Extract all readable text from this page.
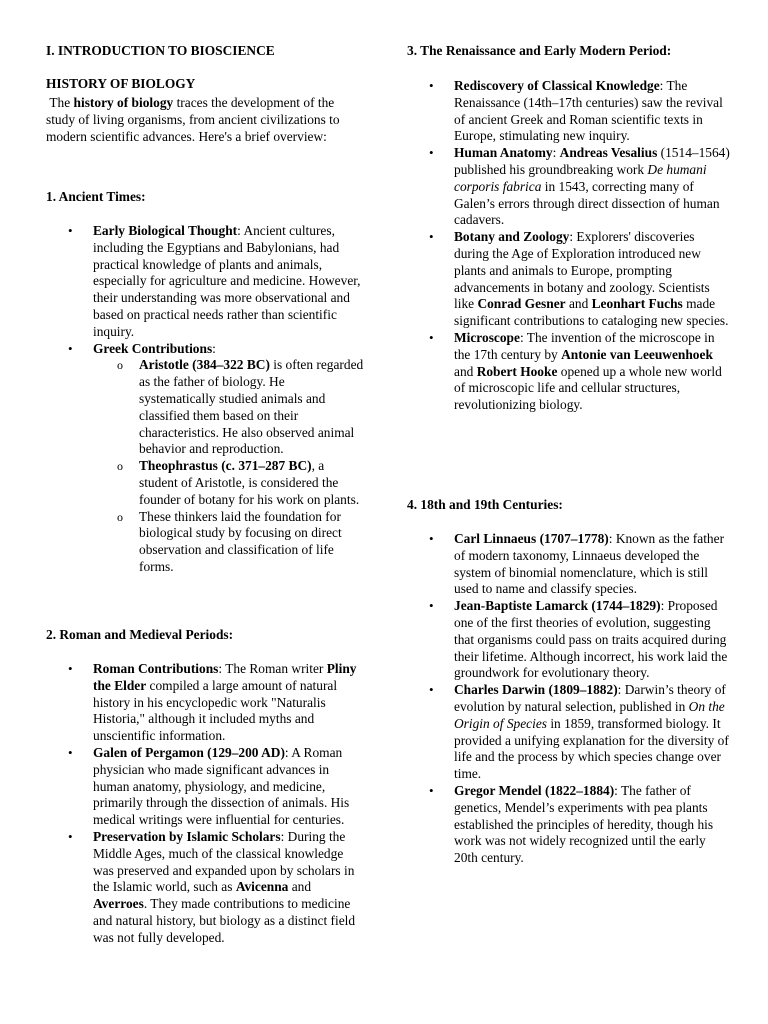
I. INTRODUCTION TO BIOSCIENCE
HISTORY OF BIOLOGY

The history of biology traces the development of the study of living organisms, from ancient civilizations to modern scientific advances. Here's a brief overview:

1. Ancient Times:
• Early Biological Thought: Ancient cultures, including the Egyptians and Babylonians, had practical knowledge of plants and animals, especially for agriculture and medicine. However, their understanding was more observational and based on practical needs rather than scientific inquiry.
• Greek Contributions:
o Aristotle (384–322 BC) is often regarded as the father of biology. He systematically studied animals and classified them based on their characteristics. He also observed animal behavior and reproduction.
o Theophrastus (c. 371–287 BC), a student of Aristotle, is considered the founder of botany for his work on plants.
o These thinkers laid the foundation for biological study by focusing on direct observation and classification of life forms.
2. Roman and Medieval Periods:
• Roman Contributions: The Roman writer Pliny the Elder compiled a large amount of natural history in his encyclopedic work "Naturalis Historia," although it included myths and unscientific information.
• Galen of Pergamon (129–200 AD): A Roman physician who made significant advances in human anatomy, physiology, and medicine, primarily through the dissection of animals. His medical writings were influential for centuries.
• Preservation by Islamic Scholars: During the Middle Ages, much of the classical knowledge was preserved and expanded upon by scholars in the Islamic world, such as Avicenna and Averroes. They made contributions to medicine and natural history, but biology as a distinct field was not fully developed.
3. The Renaissance and Early Modern Period:
• Rediscovery of Classical Knowledge: The Renaissance (14th–17th centuries) saw the revival of ancient Greek and Roman scientific texts in Europe, stimulating new inquiry.
• Human Anatomy: Andreas Vesalius (1514–1564) published his groundbreaking work De humani corporis fabrica in 1543, correcting many of Galen’s errors through direct dissection of human cadavers.
• Botany and Zoology: Explorers' discoveries during the Age of Exploration introduced new plants and animals to Europe, prompting advancements in botany and zoology. Scientists like Conrad Gesner and Leonhart Fuchs made significant contributions to cataloging new species.
• Microscope: The invention of the microscope in the 17th century by Antonie van Leeuwenhoek and Robert Hooke opened up a whole new world of microscopic life and cellular structures, revolutionizing biology.
4. 18th and 19th Centuries:
• Carl Linnaeus (1707–1778): Known as the father of modern taxonomy, Linnaeus developed the system of binomial nomenclature, which is still used to name and classify species.
• Jean-Baptiste Lamarck (1744–1829): Proposed one of the first theories of evolution, suggesting that organisms could pass on traits acquired during their lifetime. Although incorrect, his work laid the groundwork for evolutionary theory.
• Charles Darwin (1809–1882): Darwin’s theory of evolution by natural selection, published in On the Origin of Species in 1859, transformed biology. It provided a unifying explanation for the diversity of life and the process by which species change over time.
• Gregor Mendel (1822–1884): The father of genetics, Mendel’s experiments with pea plants established the principles of heredity, though his work was not widely recognized until the early 20th century.
